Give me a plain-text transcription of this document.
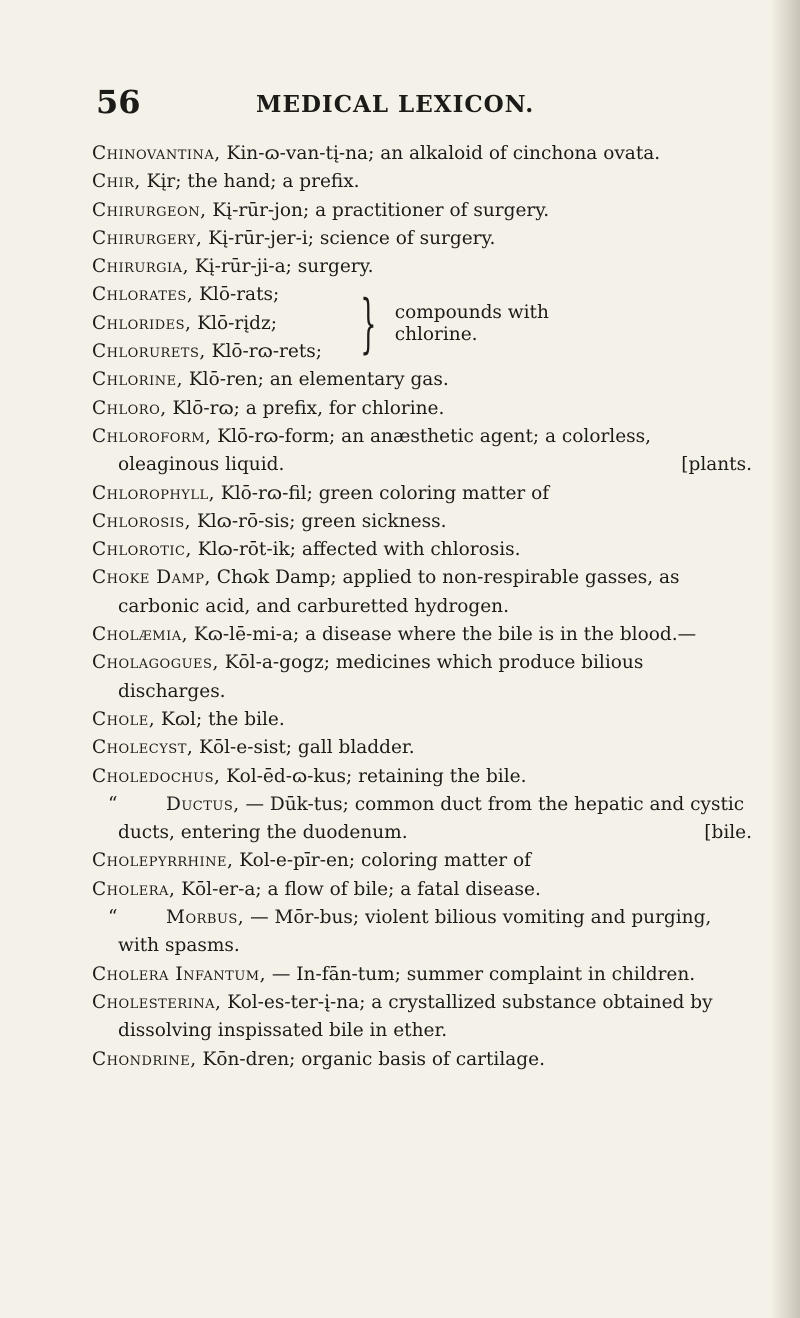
56	MEDICAL LEXICON.

Chinovantina, Kin-ɷ-van-tį-na; an alkaloid of cinchona ovata.

Chir, Kįr; the hand; a prefix.

Chirurgeon, Kį-rūr-jon; a practitioner of surgery.

Chirurgery, Kį-rūr-jer-i; science of surgery.

Chirurgia, Kį-rūr-ji-a; surgery.

Chlorates, Klō-rats;

Chlorides, Klō-rįdz;

Chlorurets, Klō-rɷ-rets; } compounds with chlorine.

Chlorine, Klō-ren; an elementary gas.

Chloro, Klō-rɷ; a prefix, for chlorine.

Chloroform, Klō-rɷ-form; an anæsthetic agent; a colorless, oleaginous liquid.	[plants.

Chlorophyll, Klō-rɷ-fil; green coloring matter of

Chlorosis, Klɷ-rō-sis; green sickness.

Chlorotic, Klɷ-rōt-ik; affected with chlorosis.

Choke Damp, Chɷk Damp; applied to non-respirable gasses, as carbonic acid, and carburetted hydrogen.

Cholæmia, Kɷ-lē-mi-a; a disease where the bile is in the blood.—

Cholagogues, Kōl-a-gogz; medicines which produce bilious discharges.

Chole, Kɷl; the bile.

Cholecyst, Kōl-e-sist; gall bladder.

Choledochus, Kol-ēd-ɷ-kus; retaining the bile.

“	Ductus, — Dūk-tus; common duct from the hepatic and cystic ducts, entering the duodenum.	[bile.

Cholepyrrhine, Kol-e-pīr-en; coloring matter of

Cholera, Kōl-er-a; a flow of bile; a fatal disease.

“	Morbus, — Mōr-bus; violent bilious vomiting and purging, with spasms.

Cholera Infantum, — In-fān-tum; summer complaint in children.

Cholesterina, Kol-es-ter-į-na; a crystallized substance obtained by dissolving inspissated bile in ether.

Chondrine, Kōn-dren; organic basis of cartilage.
